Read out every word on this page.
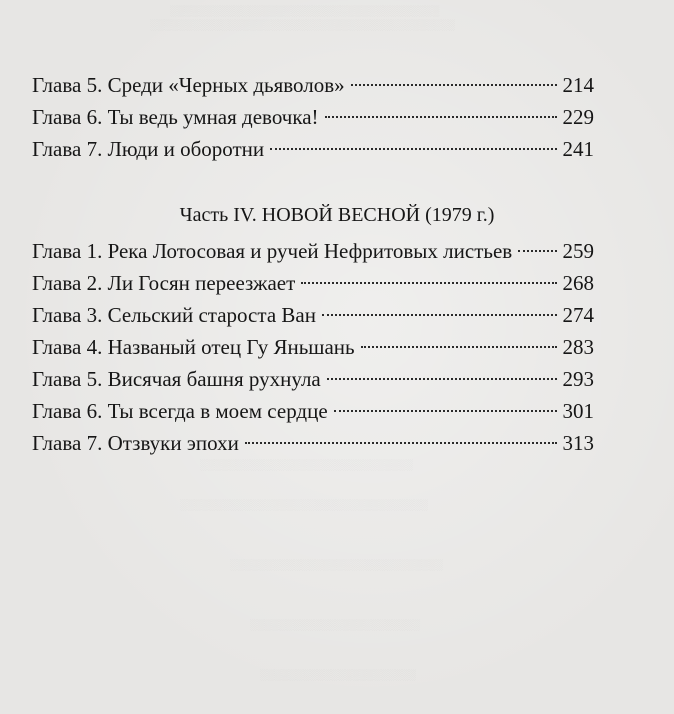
░░░░░░░░░░░░░░░░░░░░░░░░░░░░░░░░░░░░░░
░░░░░░░░░░░░░░░░░░░░░░░░░░░░░░░░░░░░░░░░░░░
░░░░░░░░░░░░░░░░░░░░░░░░░░░░░░
░░░░░░░░░░░░░░░░░░░░░░░░░░░░░░░░░░░
░░░░░░░░░░░░░░░░░░░░░░░░░░░░░░
░░░░░░░░░░░░░░░░░░░░░░░░
░░░░░░░░░░░░░░░░░░░░░░
Глава 5. Среди «Черных дьяволов»	214
Глава 6. Ты ведь умная девочка!	229
Глава 7. Люди и оборотни	241
Часть IV. НОВОЙ ВЕСНОЙ (1979 г.)
Глава 1. Река Лотосовая и ручей Нефритовых листьев 259
Глава 2. Ли Госян переезжает	268
Глава 3. Сельский староста Ван	274
Глава 4. Названый отец Гу Яньшань	283
Глава 5. Висячая башня рухнула	293
Глава 6. Ты всегда в моем сердце	301
Глава 7. Отзвуки эпохи	313
